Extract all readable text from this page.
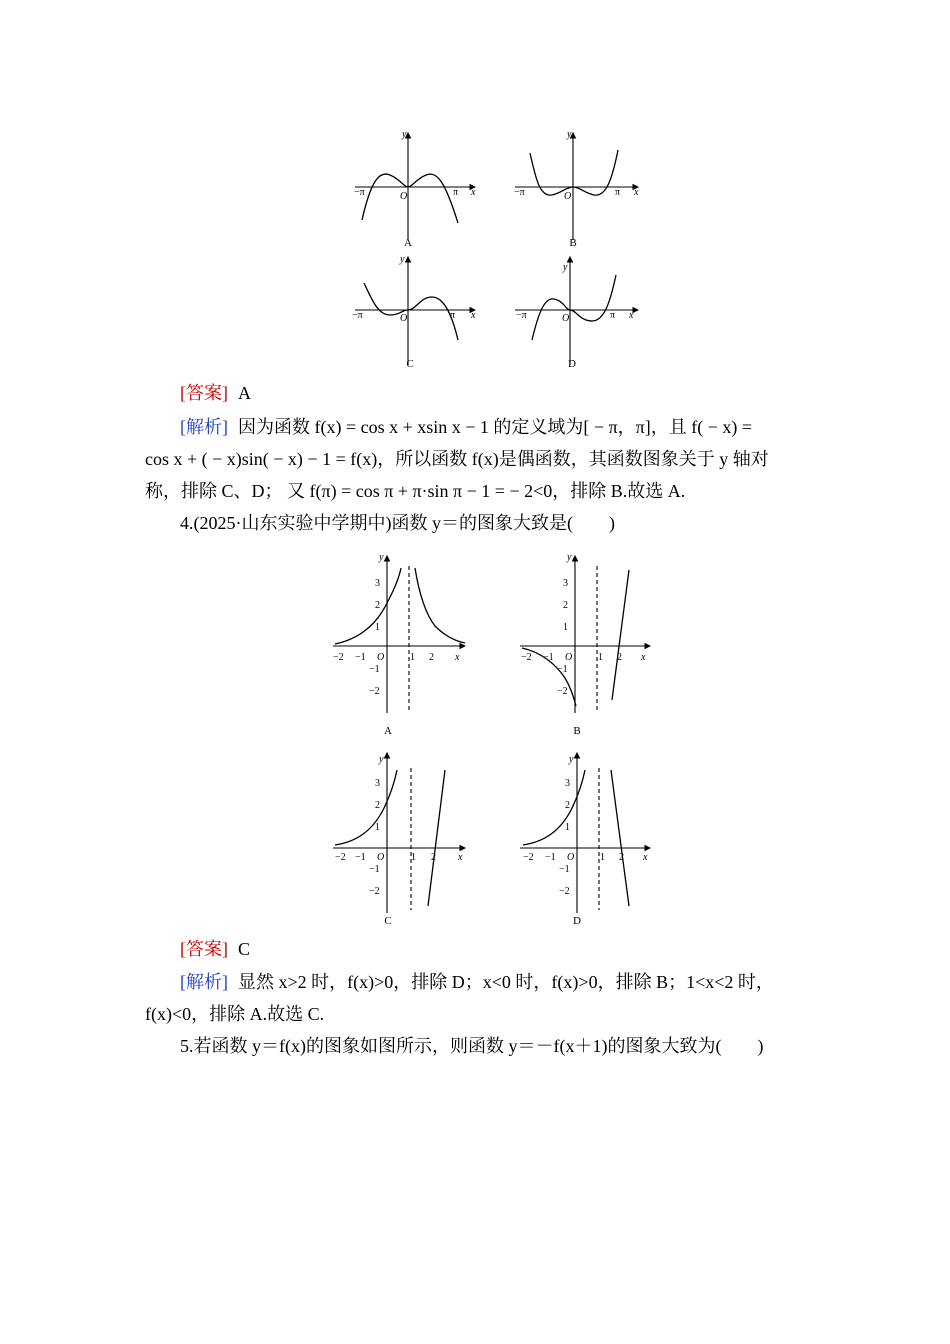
y
x
O
−π	π
A
y
x
O
−π	π
B
y
x
O
−π	π
C
y
x
O
−π	π
D
[答案] A
[解析] 因为函数 f(x) = cos x + xsin x − 1 的定义域为[ − π，π]，且 f( − x) =
cos x + ( − x)sin( − x) − 1 = f(x)，所以函数 f(x)是偶函数，其函数图象关于 y 轴对
称，排除 C、D； 又 f(π) = cos π + π·sin π − 1 = − 2<0，排除 B.故选 A.
4.(2025·山东实验中学期中)函数 y＝的图象大致是(　　)
y
x
O
−2 −1	1 2
3
2
1
−1
−2
A
y
x
O
−2 −1	1 2
3
2
1
−1
−2
B
y
x
O
−2 −1	1 2
3
2
1
−1
−2
C
y
x
O
−2 −1	1 2
3
2
1
−1
−2
D
[答案] C
[解析] 显然 x>2 时，f(x)>0，排除 D；x<0 时，f(x)>0，排除 B；1<x<2 时，
f(x)<0，排除 A.故选 C.
5.若函数 y＝f(x)的图象如图所示，则函数 y＝－f(x＋1)的图象大致为(　　)
